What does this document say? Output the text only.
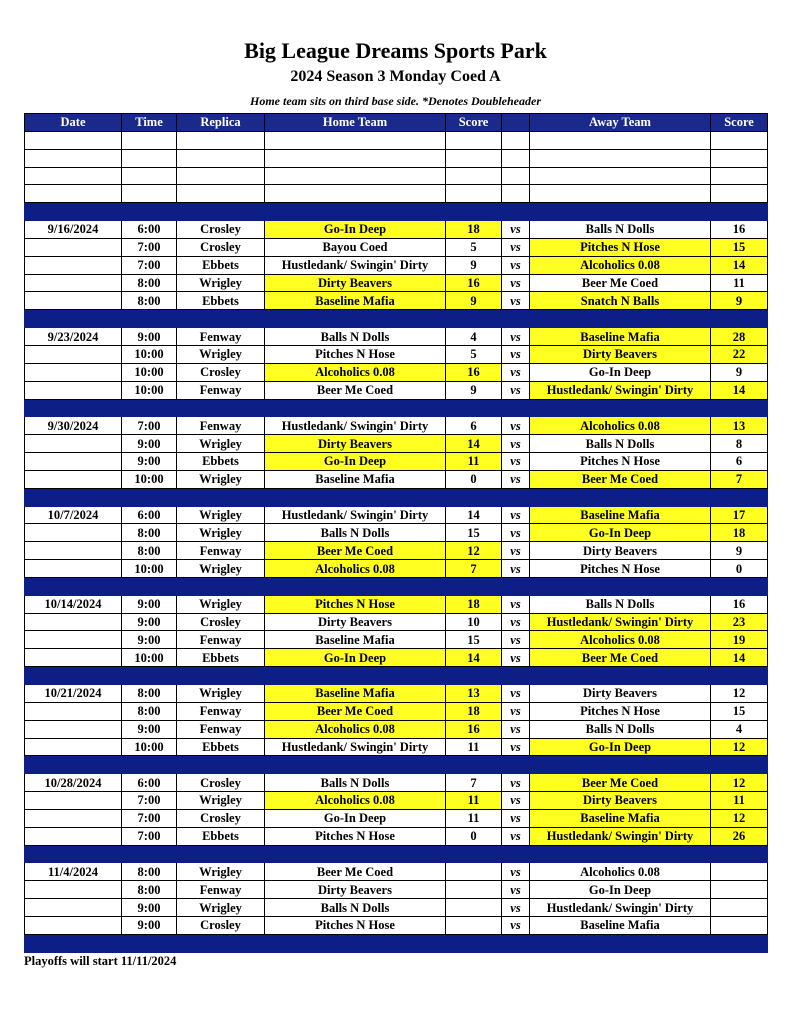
Big League Dreams Sports Park
2024 Season 3 Monday Coed A
Home team sits on third base side. *Denotes Doubleheader
Date	Time	Replica	Home Team	Score		Away Team	Score

9/16/2024	6:00	Crosley	Go-In Deep	18	vs	Balls N Dolls	16
	7:00	Crosley	Bayou Coed	5	vs	Pitches N Hose	15
	7:00	Ebbets	Hustledank/ Swingin' Dirty	9	vs	Alcoholics 0.08	14
	8:00	Wrigley	Dirty Beavers	16	vs	Beer Me Coed	11
	8:00	Ebbets	Baseline Mafia	9	vs	Snatch N Balls	9

9/23/2024	9:00	Fenway	Balls N Dolls	4	vs	Baseline Mafia	28
	10:00	Wrigley	Pitches N Hose	5	vs	Dirty Beavers	22
	10:00	Crosley	Alcoholics 0.08	16	vs	Go-In Deep	9
	10:00	Fenway	Beer Me Coed	9	vs	Hustledank/ Swingin' Dirty	14

9/30/2024	7:00	Fenway	Hustledank/ Swingin' Dirty	6	vs	Alcoholics 0.08	13
	9:00	Wrigley	Dirty Beavers	14	vs	Balls N Dolls	8
	9:00	Ebbets	Go-In Deep	11	vs	Pitches N Hose	6
	10:00	Wrigley	Baseline Mafia	0	vs	Beer Me Coed	7

10/7/2024	6:00	Wrigley	Hustledank/ Swingin' Dirty	14	vs	Baseline Mafia	17
	8:00	Wrigley	Balls N Dolls	15	vs	Go-In Deep	18
	8:00	Fenway	Beer Me Coed	12	vs	Dirty Beavers	9
	10:00	Wrigley	Alcoholics 0.08	7	vs	Pitches N Hose	0

10/14/2024	9:00	Wrigley	Pitches N Hose	18	vs	Balls N Dolls	16
	9:00	Crosley	Dirty Beavers	10	vs	Hustledank/ Swingin' Dirty	23
	9:00	Fenway	Baseline Mafia	15	vs	Alcoholics 0.08	19
	10:00	Ebbets	Go-In Deep	14	vs	Beer Me Coed	14

10/21/2024	8:00	Wrigley	Baseline Mafia	13	vs	Dirty Beavers	12
	8:00	Fenway	Beer Me Coed	18	vs	Pitches N Hose	15
	9:00	Fenway	Alcoholics 0.08	16	vs	Balls N Dolls	4
	10:00	Ebbets	Hustledank/ Swingin' Dirty	11	vs	Go-In Deep	12

10/28/2024	6:00	Crosley	Balls N Dolls	7	vs	Beer Me Coed	12
	7:00	Wrigley	Alcoholics 0.08	11	vs	Dirty Beavers	11
	7:00	Crosley	Go-In Deep	11	vs	Baseline Mafia	12
	7:00	Ebbets	Pitches N Hose	0	vs	Hustledank/ Swingin' Dirty	26

11/4/2024	8:00	Wrigley	Beer Me Coed		vs	Alcoholics 0.08	
	8:00	Fenway	Dirty Beavers		vs	Go-In Deep	
	9:00	Wrigley	Balls N Dolls		vs	Hustledank/ Swingin' Dirty	
	9:00	Crosley	Pitches N Hose		vs	Baseline Mafia	

Playoffs will start 11/11/2024
